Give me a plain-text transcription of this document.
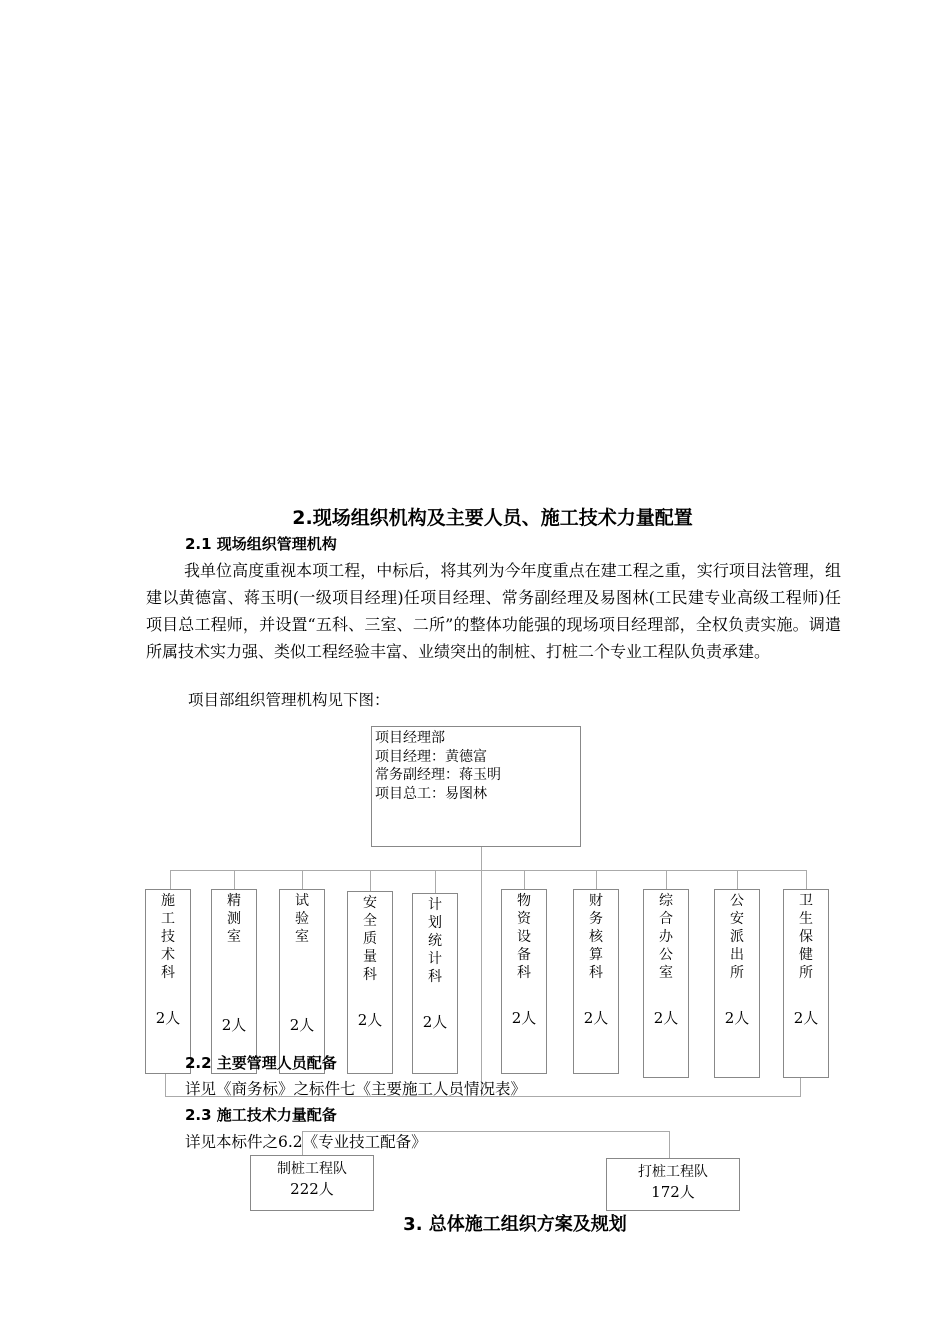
2.现场组织机构及主要人员、施工技术力量配置
2.1 现场组织管理机构
我单位高度重视本项工程，中标后，将其列为今年度重点在建工程之重，实行项目法管理，组建以黄德富、蒋玉明(一级项目经理)任项目经理、常务副经理及易图林(工民建专业高级工程师)任项目总工程师，并设置“五科、三室、二所”的整体功能强的现场项目经理部，全权负责实施。调遣所属技术实力强、类似工程经验丰富、业绩突出的制桩、打桩二个专业工程队负责承建。
项目部组织管理机构见下图：
项目经理部
项目经理：黄德富
常务副经理：蒋玉明
项目总工：易图林
施工技术科
2人
精测室
2人
试验室
2人
安全质量科
2人
计划统计科
2人
物资设备科
2人
财务核算科
2人
综合办公室
2人
公安派出所
2人
卫生保健所
2人
2.2 主要管理人员配备
详见《商务标》之标件七《主要施工人员情况表》
2.3 施工技术力量配备
详见本标件之6.2《专业技工配备》
制桩工程队
222人
打桩工程队
172人
3. 总体施工组织方案及规划
